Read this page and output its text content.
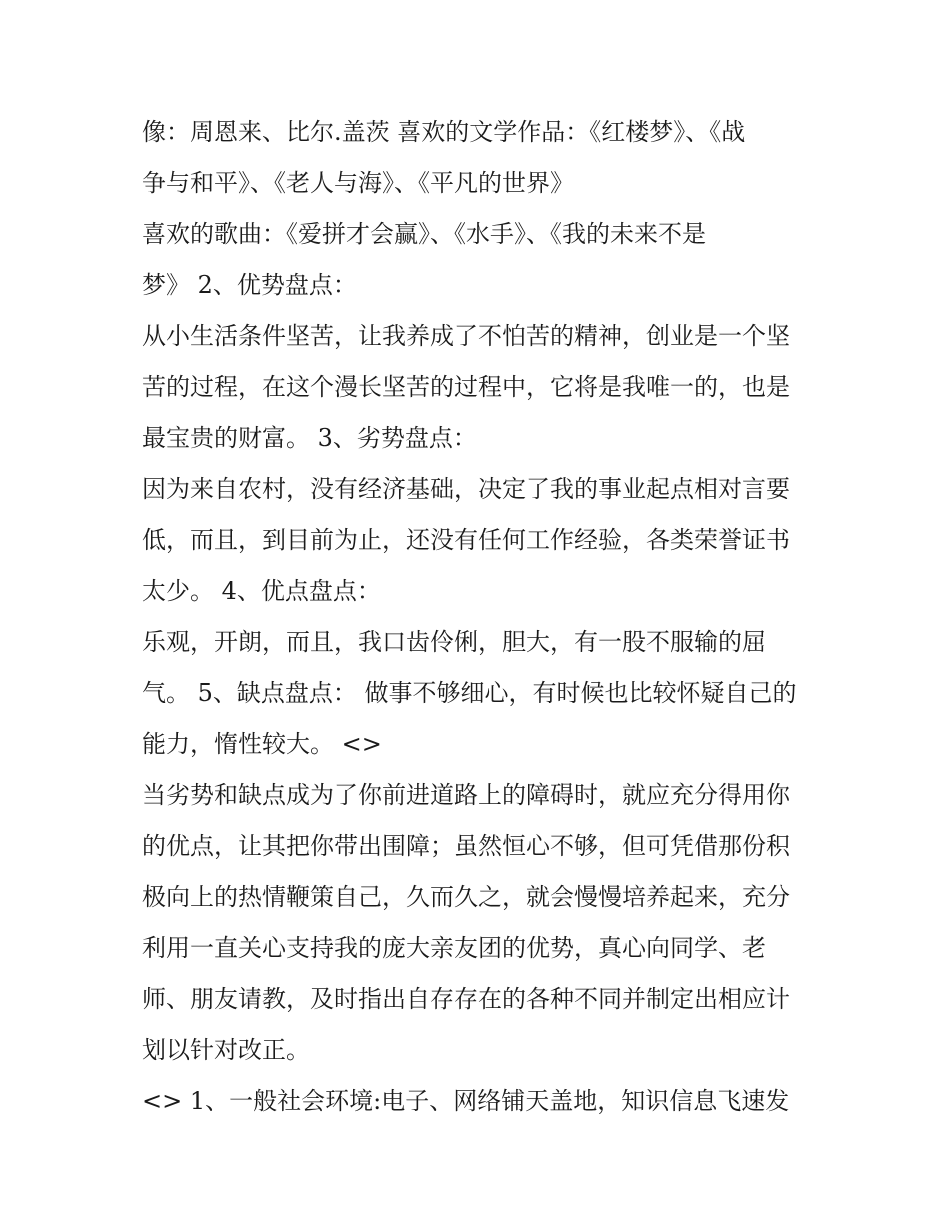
像：周恩来、比尔.盖茨 喜欢的文学作品：《红楼梦》、《战
争与和平》、《老人与海》、《平凡的世界》
喜欢的歌曲：《爱拼才会赢》、《水手》、《我的未来不是
梦》 2、优势盘点：
从小生活条件坚苦，让我养成了不怕苦的精神，创业是一个坚
苦的过程，在这个漫长坚苦的过程中，它将是我唯一的，也是
最宝贵的财富。 3、劣势盘点：
因为来自农村，没有经济基础，决定了我的事业起点相对言要
低，而且，到目前为止，还没有任何工作经验，各类荣誉证书
太少。 4、优点盘点：
乐观，开朗，而且，我口齿伶俐，胆大，有一股不服输的屈
气。 5、缺点盘点： 做事不够细心，有时候也比较怀疑自己的
能力，惰性较大。 <>
当劣势和缺点成为了你前进道路上的障碍时，就应充分得用你
的优点，让其把你带出围障；虽然恒心不够，但可凭借那份积
极向上的热情鞭策自己，久而久之，就会慢慢培养起来，充分
利用一直关心支持我的庞大亲友团的优势，真心向同学、老
师、朋友请教，及时指出自存存在的各种不同并制定出相应计
划以针对改正。
<> 1、一般社会环境:电子、网络铺天盖地，知识信息飞速发
